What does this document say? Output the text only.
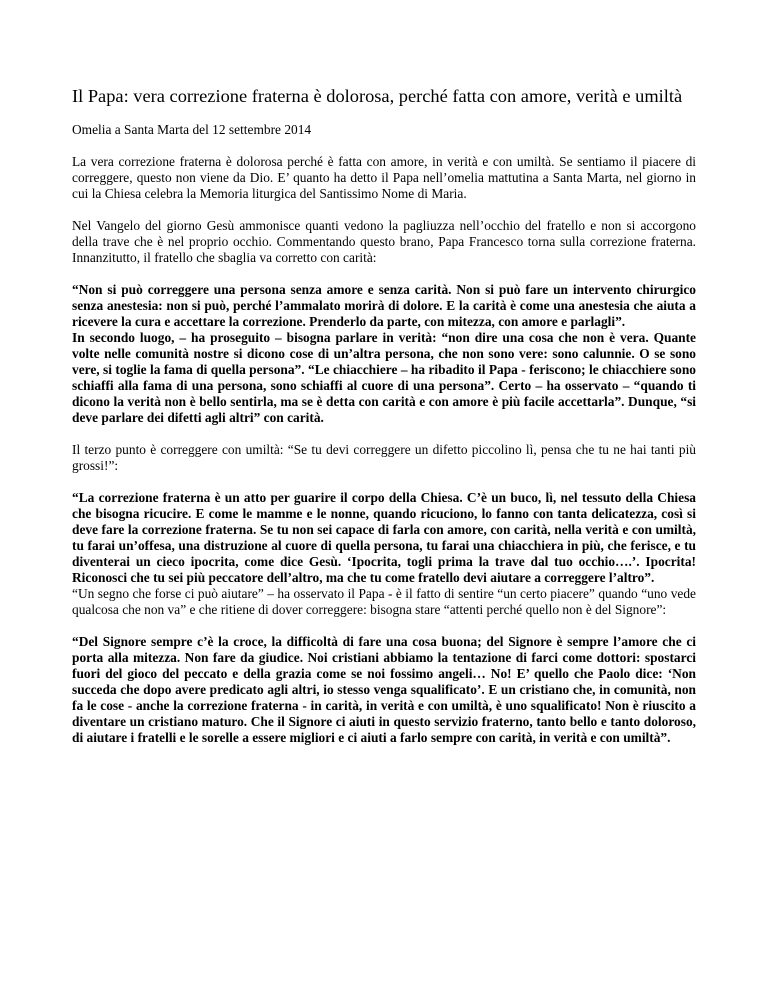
Il Papa: vera correzione fraterna è dolorosa, perché fatta con amore, verità e umiltà

Omelia a Santa Marta del 12 settembre 2014

La vera correzione fraterna è dolorosa perché è fatta con amore, in verità e con umiltà. Se sentiamo il piacere di correggere, questo non viene da Dio. E’ quanto ha detto il Papa nell’omelia mattutina a Santa Marta, nel giorno in cui la Chiesa celebra la Memoria liturgica del Santissimo Nome di Maria.

Nel Vangelo del giorno Gesù ammonisce quanti vedono la pagliuzza nell’occhio del fratello e non si accorgono della trave che è nel proprio occhio. Commentando questo brano, Papa Francesco torna sulla correzione fraterna. Innanzitutto, il fratello che sbaglia va corretto con carità:

“Non si può correggere una persona senza amore e senza carità. Non si può fare un intervento chirurgico senza anestesia: non si può, perché l’ammalato morirà di dolore. E la carità è come una anestesia che aiuta a ricevere la cura e accettare la correzione. Prenderlo da parte, con mitezza, con amore e parlagli”.

In secondo luogo, – ha proseguito – bisogna parlare in verità: “non dire una cosa che non è vera. Quante volte nelle comunità nostre si dicono cose di un’altra persona, che non sono vere: sono calunnie. O se sono vere, si toglie la fama di quella persona”. “Le chiacchiere – ha ribadito il Papa - feriscono; le chiacchiere sono schiaffi alla fama di una persona, sono schiaffi al cuore di una persona”. Certo – ha osservato – “quando ti dicono la verità non è bello sentirla, ma se è detta con carità e con amore è più facile accettarla”. Dunque, “si deve parlare dei difetti agli altri” con carità.

Il terzo punto è correggere con umiltà: “Se tu devi correggere un difetto piccolino lì, pensa che tu ne hai tanti più grossi!”:

“La correzione fraterna è un atto per guarire il corpo della Chiesa. C’è un buco, lì, nel tessuto della Chiesa che bisogna ricucire. E come le mamme e le nonne, quando ricuciono, lo fanno con tanta delicatezza, così si deve fare la correzione fraterna. Se tu non sei capace di farla con amore, con carità, nella verità e con umiltà, tu farai un’offesa, una distruzione al cuore di quella persona, tu farai una chiacchiera in più, che ferisce, e tu diventerai un cieco ipocrita, come dice Gesù. ‘Ipocrita, togli prima la trave dal tuo occhio….’. Ipocrita! Riconosci che tu sei più peccatore dell’altro, ma che tu come fratello devi aiutare a correggere l’altro”.

“Un segno che forse ci può aiutare” – ha osservato il Papa - è il fatto di sentire “un certo piacere” quando “uno vede qualcosa che non va” e che ritiene di dover correggere: bisogna stare “attenti perché quello non è del Signore”:

“Del Signore sempre c’è la croce, la difficoltà di fare una cosa buona; del Signore è sempre l’amore che ci porta alla mitezza. Non fare da giudice. Noi cristiani abbiamo la tentazione di farci come dottori: spostarci fuori del gioco del peccato e della grazia come se noi fossimo angeli… No! E’ quello che Paolo dice: ‘Non succeda che dopo avere predicato agli altri, io stesso venga squalificato’. E un cristiano che, in comunità, non fa le cose - anche la correzione fraterna - in carità, in verità e con umiltà, è uno squalificato! Non è riuscito a diventare un cristiano maturo. Che il Signore ci aiuti in questo servizio fraterno, tanto bello e tanto doloroso, di aiutare i fratelli e le sorelle a essere migliori e ci aiuti a farlo sempre con carità, in verità e con umiltà”.
